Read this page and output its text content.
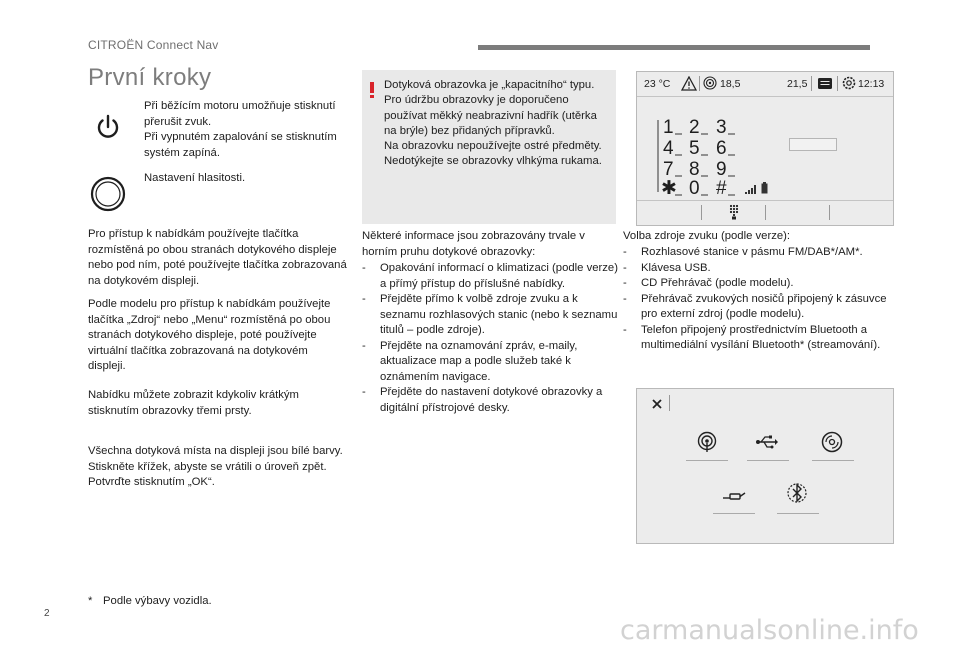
CITROËN Connect Nav
První kroky
Při běžícím motoru umožňuje stisknutí přerušit zvuk.
Při vypnutém zapalování se stisknutím systém zapíná.
Nastavení hlasitosti.
Pro přístup k nabídkám používejte tlačítka rozmístěná po obou stranách dotykového displeje nebo pod ním, poté používejte tlačítka zobrazovaná na dotykovém displeji.
Podle modelu pro přístup k nabídkám používejte tlačítka „Zdroj“ nebo „Menu“ rozmístěná po obou stranách dotykového displeje, poté používejte virtuální tlačítka zobrazovaná na dotykovém displeji.
Nabídku můžete zobrazit kdykoliv krátkým stisknutím obrazovky třemi prsty.
Všechna dotyková místa na displeji jsou bílé barvy.
Stiskněte křížek, abyste se vrátili o úroveň zpět.
Potvrďte stisknutím „OK“.
* Podle výbavy vozidla.
Dotyková obrazovka je „kapacitního“ typu.
Pro údržbu obrazovky je doporučeno používat měkký neabrazivní hadřík (utěrka na brýle) bez přidaných přípravků.
Na obrazovku nepoužívejte ostré předměty.
Nedotýkejte se obrazovky vlhkýma rukama.
Některé informace jsou zobrazovány trvale v horním pruhu dotykové obrazovky:
- Opakování informací o klimatizaci (podle verze) a přímý přístup do příslušné nabídky.
- Přejděte přímo k volbě zdroje zvuku a k seznamu rozhlasových stanic (nebo k seznamu titulů – podle zdroje).
- Přejděte na oznamování zpráv, e-maily, aktualizace map a podle služeb také k oznámením navigace.
- Přejděte do nastavení dotykové obrazovky a digitální přístrojové desky.
23 °C	18,5	21,5	12:13
1 2 3
4 5 6
7 8 9
✱ 0 #
Volba zdroje zvuku (podle verze):
- Rozhlasové stanice v pásmu FM/DAB*/AM*.
- Klávesa USB.
- CD Přehrávač (podle modelu).
- Přehrávač zvukových nosičů připojený k zásuvce pro externí zdroj (podle modelu).
- Telefon připojený prostřednictvím Bluetooth a multimediální vysílání Bluetooth* (streamování).
2
carmanualsonline.info
